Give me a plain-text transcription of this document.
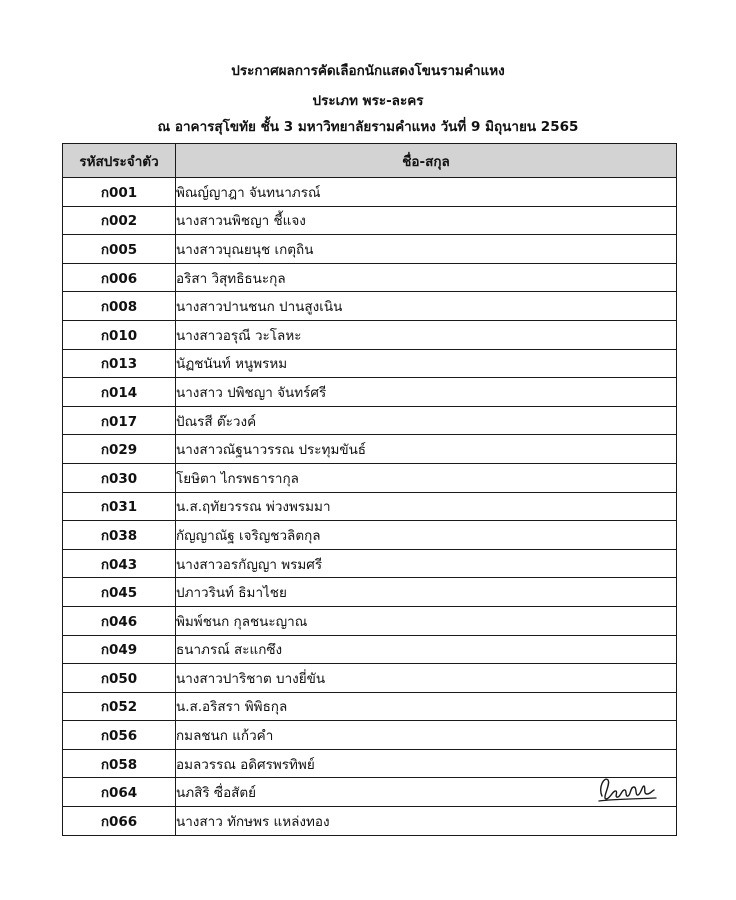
ประกาศผลการคัดเลือกนักแสดงโขนรามคำแหง
ประเภท พระ-ละคร
ณ อาคารสุโขทัย ชั้น 3 มหาวิทยาลัยรามคำแหง วันที่ 9 มิถุนายน 2565
รหัสประจำตัว	ชื่อ-สกุล
ก001	พิณญ์ญาฎา จันทนาภรณ์
ก002	นางสาวนพิชญา ชี้แจง
ก005	นางสาวบุณยนุช เกตุถิน
ก006	อริสา วิสุทธิธนะกุล
ก008	นางสาวปานชนก ปานสูงเนิน
ก010	นางสาวอรุณี วะโลหะ
ก013	นัฏชนันท์ หนูพรหม
ก014	นางสาว ปพิชญา จันทร์ศรี
ก017	ปัณรสี ต๊ะวงค์
ก029	นางสาวณัฐนาวรรณ ประทุมขันธ์
ก030	โยษิตา ไกรพธารากุล
ก031	น.ส.ฤทัยวรรณ พ่วงพรมมา
ก038	กัญญาณัฐ เจริญชวลิตกุล
ก043	นางสาวอรกัญญา พรมศรี
ก045	ปภาวรินท์ ธิมาไชย
ก046	พิมพ์ชนก กุลชนะญาณ
ก049	ธนาภรณ์ สะแกซึง
ก050	นางสาวปาริชาต บางยี่ขัน
ก052	น.ส.อริสรา พิพิธกุล
ก056	กมลชนก แก้วคำ
ก058	อมลวรรณ อดิศรพรทิพย์
ก064	นภสิริ ซื่อสัตย์

ก066	นางสาว ทักษพร แหล่งทอง
